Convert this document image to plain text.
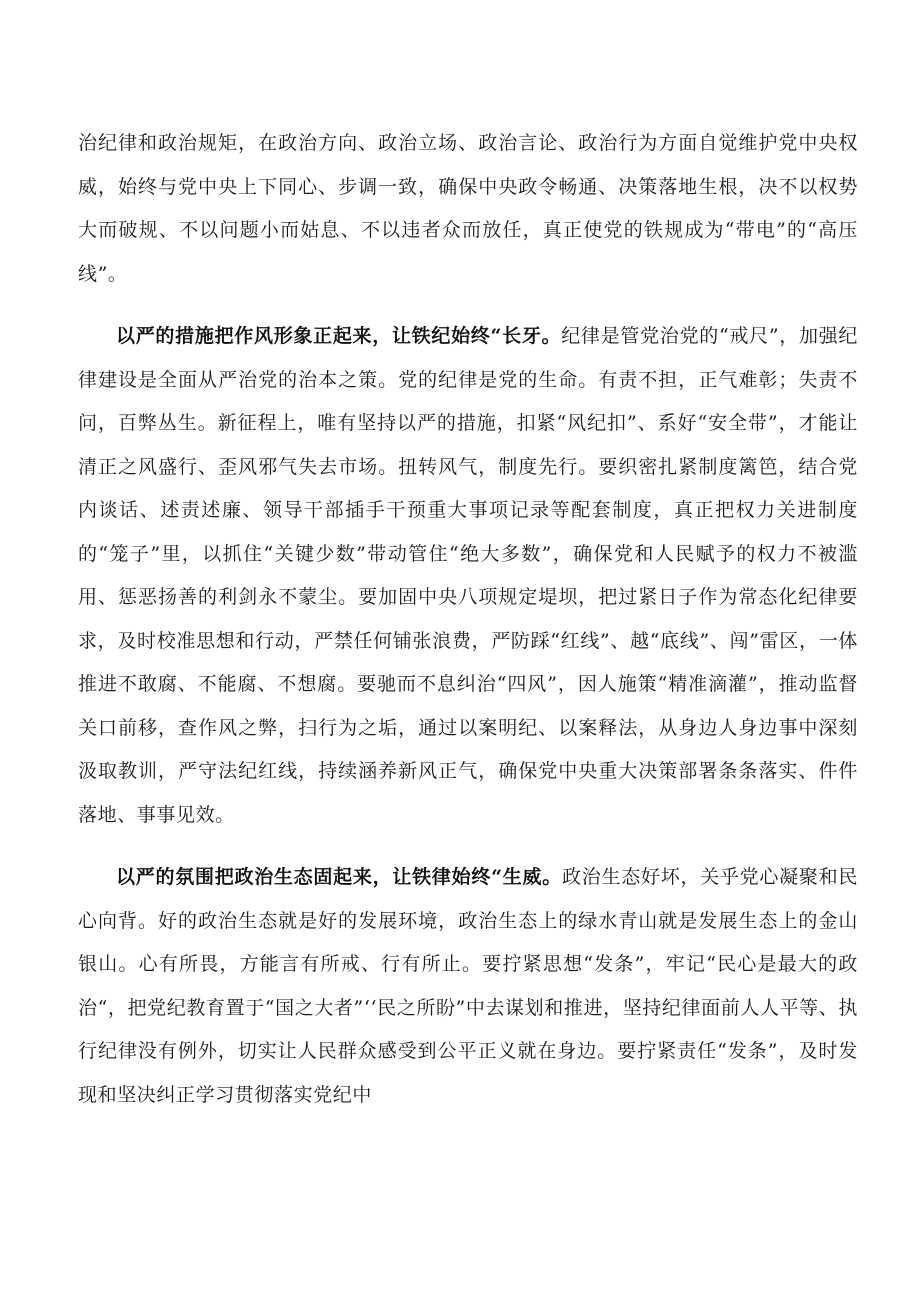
治纪律和政治规矩，在政治方向、政治立场、政治言论、政治行为方面自觉维护党中央权威，始终与党中央上下同心、步调一致，确保中央政令畅通、决策落地生根，决不以权势大而破规、不以问题小而姑息、不以违者众而放任，真正使党的铁规成为“带电”的“高压线”。

以严的措施把作风形象正起来，让铁纪始终“长牙。纪律是管党治党的“戒尺”，加强纪律建设是全面从严治党的治本之策。党的纪律是党的生命。有责不担，正气难彰；失责不问，百弊丛生。新征程上，唯有坚持以严的措施，扣紧“风纪扣”、系好“安全带”，才能让清正之风盛行、歪风邪气失去市场。扭转风气，制度先行。要织密扎紧制度篱笆，结合党内谈话、述责述廉、领导干部插手干预重大事项记录等配套制度，真正把权力关进制度的“笼子”里，以抓住“关键少数”带动管住“绝大多数”，确保党和人民赋予的权力不被滥用、惩恶扬善的利剑永不蒙尘。要加固中央八项规定堤坝，把过紧日子作为常态化纪律要求，及时校准思想和行动，严禁任何铺张浪费，严防踩“红线”、越“底线”、闯”雷区，一体推进不敢腐、不能腐、不想腐。要驰而不息纠治“四风”，因人施策“精准滴灌”，推动监督关口前移，查作风之弊，扫行为之垢，通过以案明纪、以案释法，从身边人身边事中深刻汲取教训，严守法纪红线，持续涵养新风正气，确保党中央重大决策部署条条落实、件件落地、事事见效。

以严的氛围把政治生态固起来，让铁律始终“生威。政治生态好坏，关乎党心凝聚和民心向背。好的政治生态就是好的发展环境，政治生态上的绿水青山就是发展生态上的金山银山。心有所畏，方能言有所戒、行有所止。要拧紧思想“发条”，牢记“民心是最大的政治“，把党纪教育置于“国之大者”‘‘民之所盼”中去谋划和推进，坚持纪律面前人人平等、执行纪律没有例外，切实让人民群众感受到公平正义就在身边。要拧紧责任“发条”，及时发现和坚决纠正学习贯彻落实党纪中
